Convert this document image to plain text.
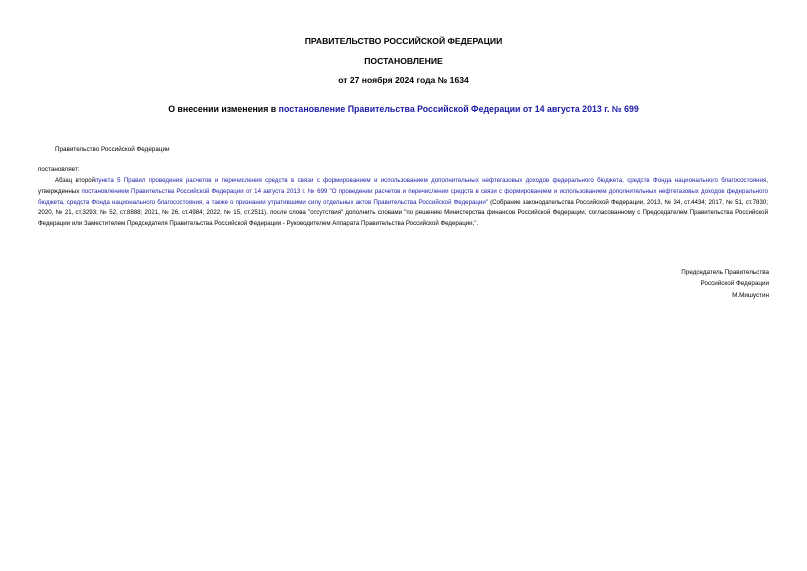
ПРАВИТЕЛЬСТВО РОССИЙСКОЙ ФЕДЕРАЦИИ
ПОСТАНОВЛЕНИЕ
от 27 ноября 2024 года № 1634
О внесении изменения в постановление Правительства Российской Федерации от 14 августа 2013 г. № 699
Правительство Российской Федерации
постановляет:
Абзац второйпункта 5 Правил проведения расчетов и перечисления средств в связи с формированием и использованием дополнительных нефтегазовых доходов федерального бюджета, средств Фонда национального благосостояния, утвержденных постановлением Правительства Российской Федерации от 14 августа 2013 г. № 699 "О проведении расчетов и перечислении средств в связи с формированием и использованием дополнительных нефтегазовых доходов федерального бюджета, средств Фонда национального благосостояния, а также о признании утратившими силу отдельных актов Правительства Российской Федерации" (Собрание законодательства Российской Федерации, 2013, № 34, ст.4434; 2017, № 51, ст.7830; 2020, № 21, ст.3293; № 52, ст.8888; 2021, № 26, ст.4984; 2022, № 15, ст.2511), после слова "отсутствия" дополнить словами "по решению Министерства финансов Российской Федерации, согласованному с Председателем Правительства Российской Федерации или Заместителем Председателя Правительства Российской Федерации - Руководителем Аппарата Правительства Российской Федерации,".
Председатель Правительства
Российской Федерации
М.Мишустин
